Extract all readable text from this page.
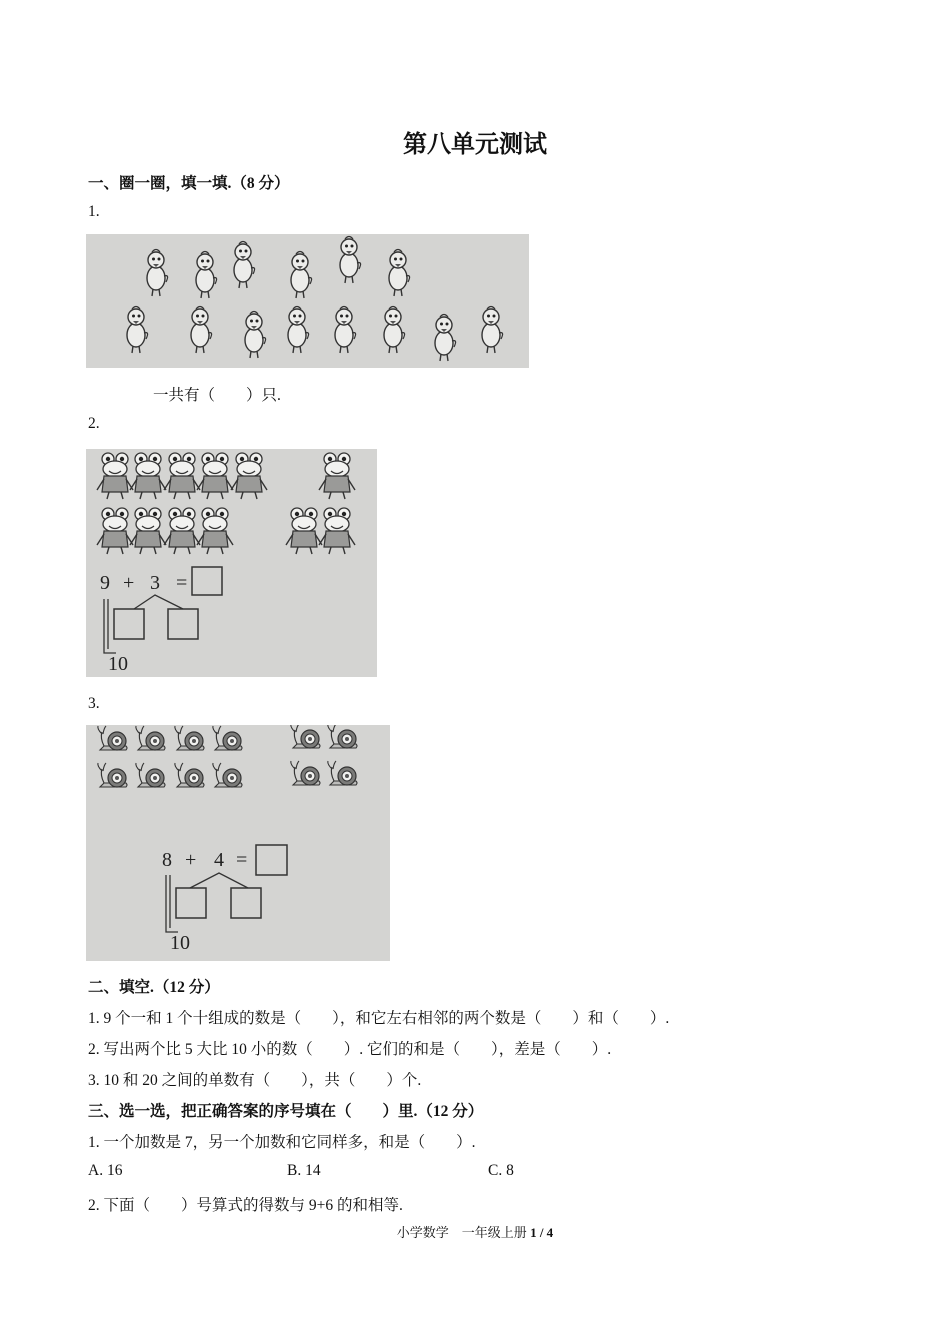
第八单元测试
一、圈一圈，填一填.（8 分）
1.
一共有（　　）只.
2.
9 + 3 =
10
3.
8 + 4 =
10
二、填空.（12 分）
1. 9 个一和 1 个十组成的数是（　　），和它左右相邻的两个数是（　　）和（　　）.
2. 写出两个比 5 大比 10 小的数（　　）. 它们的和是（　　），差是（　　）.
3. 10 和 20 之间的单数有（　　），共（　　）个.
三、选一选，把正确答案的序号填在（　　）里.（12 分）
1. 一个加数是 7，另一个加数和它同样多，和是（　　）.
A. 16	B. 14	C. 8
2. 下面（　　）号算式的得数与 9+6 的和相等.
小学数学　一年级上册 1 / 4
